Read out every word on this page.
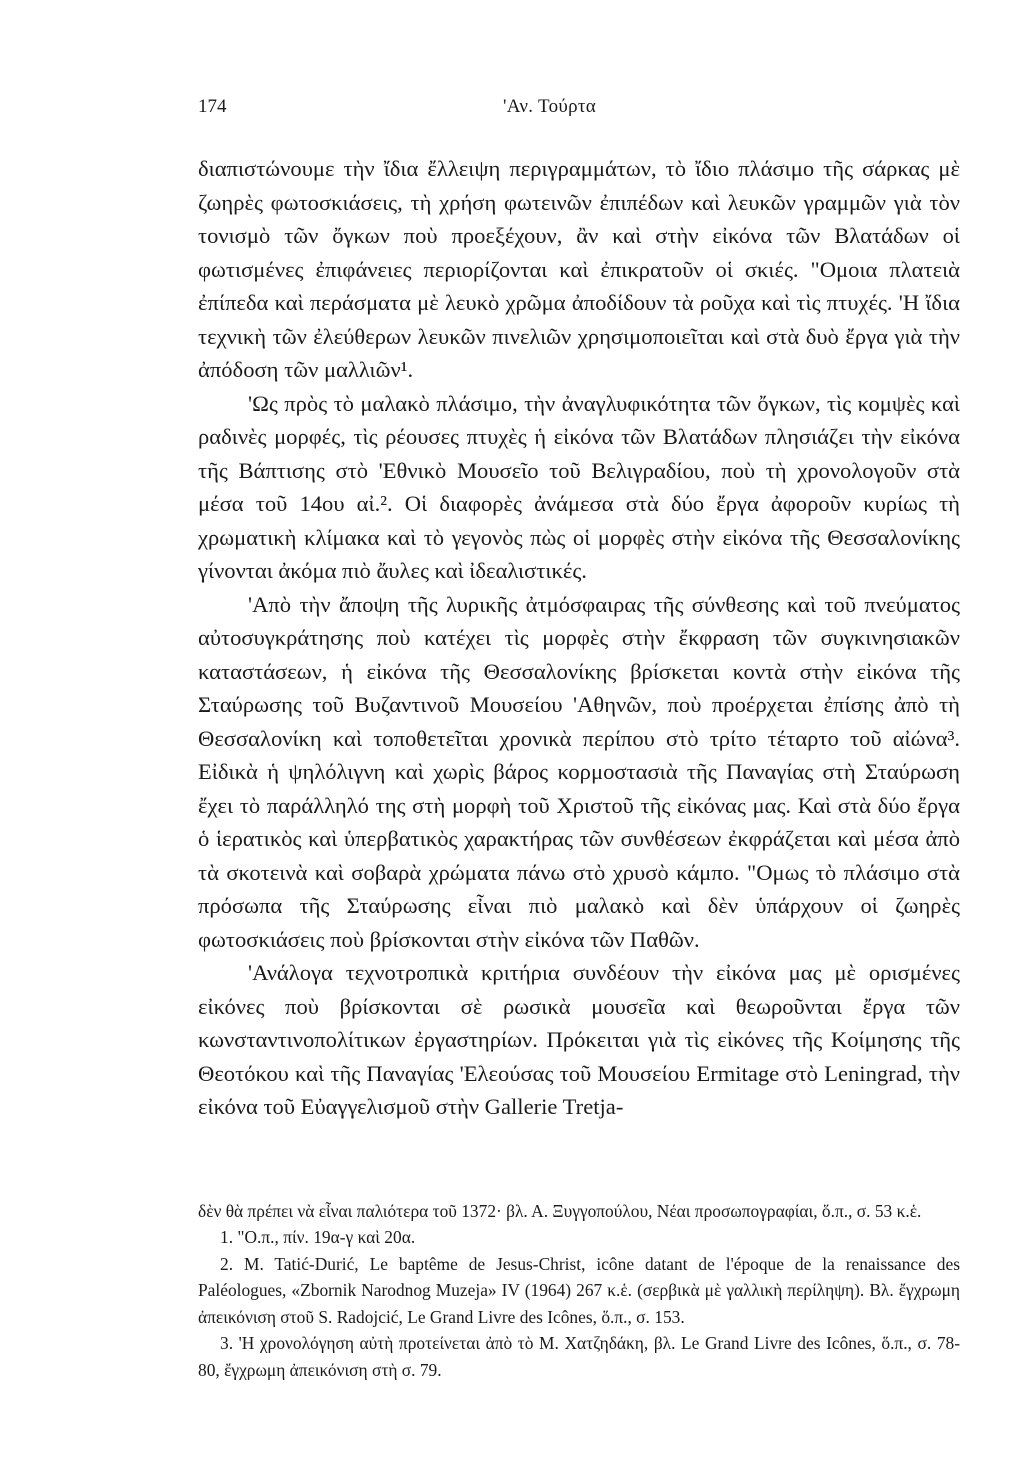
174	'Αν. Τούρτα

διαπιστώνουμε τὴν ἴδια ἔλλειψη περιγραμμάτων, τὸ ἴδιο πλάσιμο τῆς σάρκας μὲ ζωηρὲς φωτοσκιάσεις, τὴ χρήση φωτεινῶν ἐπιπέδων καὶ λευκῶν γραμμῶν γιὰ τὸν τονισμὸ τῶν ὄγκων ποὺ προεξέχουν, ἂν καὶ στὴν εἰκόνα τῶν Βλατάδων οἱ φωτισμένες ἐπιφάνειες περιορίζονται καὶ ἐπικρατοῦν οἱ σκιές. "Ομοια πλατειὰ ἐπίπεδα καὶ περάσματα μὲ λευκὸ χρῶμα ἀποδίδουν τὰ ροῦχα καὶ τὶς πτυχές. 'Η ἴδια τεχνικὴ τῶν ἐλεύθερων λευκῶν πινελιῶν χρησιμοποιεῖται καὶ στὰ δυὸ ἔργα γιὰ τὴν ἀπόδοση τῶν μαλλιῶν¹.

'Ως πρὸς τὸ μαλακὸ πλάσιμο, τὴν ἀναγλυφικότητα τῶν ὄγκων, τὶς κομψὲς καὶ ραδινὲς μορφές, τὶς ρέουσες πτυχὲς ἡ εἰκόνα τῶν Βλατάδων πλησιάζει τὴν εἰκόνα τῆς Βάπτισης στὸ 'Εθνικὸ Μουσεῖο τοῦ Βελιγραδίου, ποὺ τὴ χρονολογοῦν στὰ μέσα τοῦ 14ου αἰ.². Οἱ διαφορὲς ἀνάμεσα στὰ δύο ἔργα ἀφοροῦν κυρίως τὴ χρωματικὴ κλίμακα καὶ τὸ γεγονὸς πὼς οἱ μορφὲς στὴν εἰκόνα τῆς Θεσσαλονίκης γίνονται ἀκόμα πιὸ ἄυλες καὶ ἰδεαλιστικές.

'Απὸ τὴν ἄποψη τῆς λυρικῆς ἀτμόσφαιρας τῆς σύνθεσης καὶ τοῦ πνεύματος αὐτοσυγκράτησης ποὺ κατέχει τὶς μορφὲς στὴν ἔκφραση τῶν συγκινησιακῶν καταστάσεων, ἡ εἰκόνα τῆς Θεσσαλονίκης βρίσκεται κοντὰ στὴν εἰκόνα τῆς Σταύρωσης τοῦ Βυζαντινοῦ Μουσείου 'Αθηνῶν, ποὺ προέρχεται ἐπίσης ἀπὸ τὴ Θεσσαλονίκη καὶ τοποθετεῖται χρονικὰ περίπου στὸ τρίτο τέταρτο τοῦ αἰώνα³. Εἰδικὰ ἡ ψηλόλιγνη καὶ χωρὶς βάρος κορμοστασιὰ τῆς Παναγίας στὴ Σταύρωση ἔχει τὸ παράλληλό της στὴ μορφὴ τοῦ Χριστοῦ τῆς εἰκόνας μας. Καὶ στὰ δύο ἔργα ὁ ἱερατικὸς καὶ ὑπερβατικὸς χαρακτήρας τῶν συνθέσεων ἐκφράζεται καὶ μέσα ἀπὸ τὰ σκοτεινὰ καὶ σοβαρὰ χρώματα πάνω στὸ χρυσὸ κάμπο. "Ομως τὸ πλάσιμο στὰ πρόσωπα τῆς Σταύρωσης εἶναι πιὸ μαλακὸ καὶ δὲν ὑπάρχουν οἱ ζωηρὲς φωτοσκιάσεις ποὺ βρίσκονται στὴν εἰκόνα τῶν Παθῶν.

'Ανάλογα τεχνοτροπικὰ κριτήρια συνδέουν τὴν εἰκόνα μας μὲ ορισμένες εἰκόνες ποὺ βρίσκονται σὲ ρωσικὰ μουσεῖα καὶ θεωροῦνται ἔργα τῶν κωνσταντινοπολίτικων ἐργαστηρίων. Πρόκειται γιὰ τὶς εἰκόνες τῆς Κοίμησης τῆς Θεοτόκου καὶ τῆς Παναγίας 'Ελεούσας τοῦ Μουσείου Ermitage στὸ Leningrad, τὴν εἰκόνα τοῦ Εὐαγγελισμοῦ στὴν Gallerie Tretja-

δὲν θὰ πρέπει νὰ εἶναι παλιότερα τοῦ 1372· βλ. Α. Ξυγγοπούλου, Νέαι προσωπογραφίαι, ὅ.π., σ. 53 κ.ἑ.

1. "Ο.π., πίν. 19α-γ καὶ 20α.

2. M. Tatić-Durić, Le baptême de Jesus-Christ, icône datant de l'époque de la renaissance des Paléologues, «Zbornik Narodnog Muzeja» IV (1964) 267 κ.ἑ. (σερβικὰ μὲ γαλλικὴ περίληψη). Βλ. ἔγχρωμη ἀπεικόνιση στοῦ S. Radojcić, Le Grand Livre des Icônes, ὅ.π., σ. 153.

3. 'Η χρονολόγηση αὐτὴ προτείνεται ἀπὸ τὸ Μ. Χατζηδάκη, βλ. Le Grand Livre des Icônes, ὅ.π., σ. 78-80, ἔγχρωμη ἀπεικόνιση στὴ σ. 79.
